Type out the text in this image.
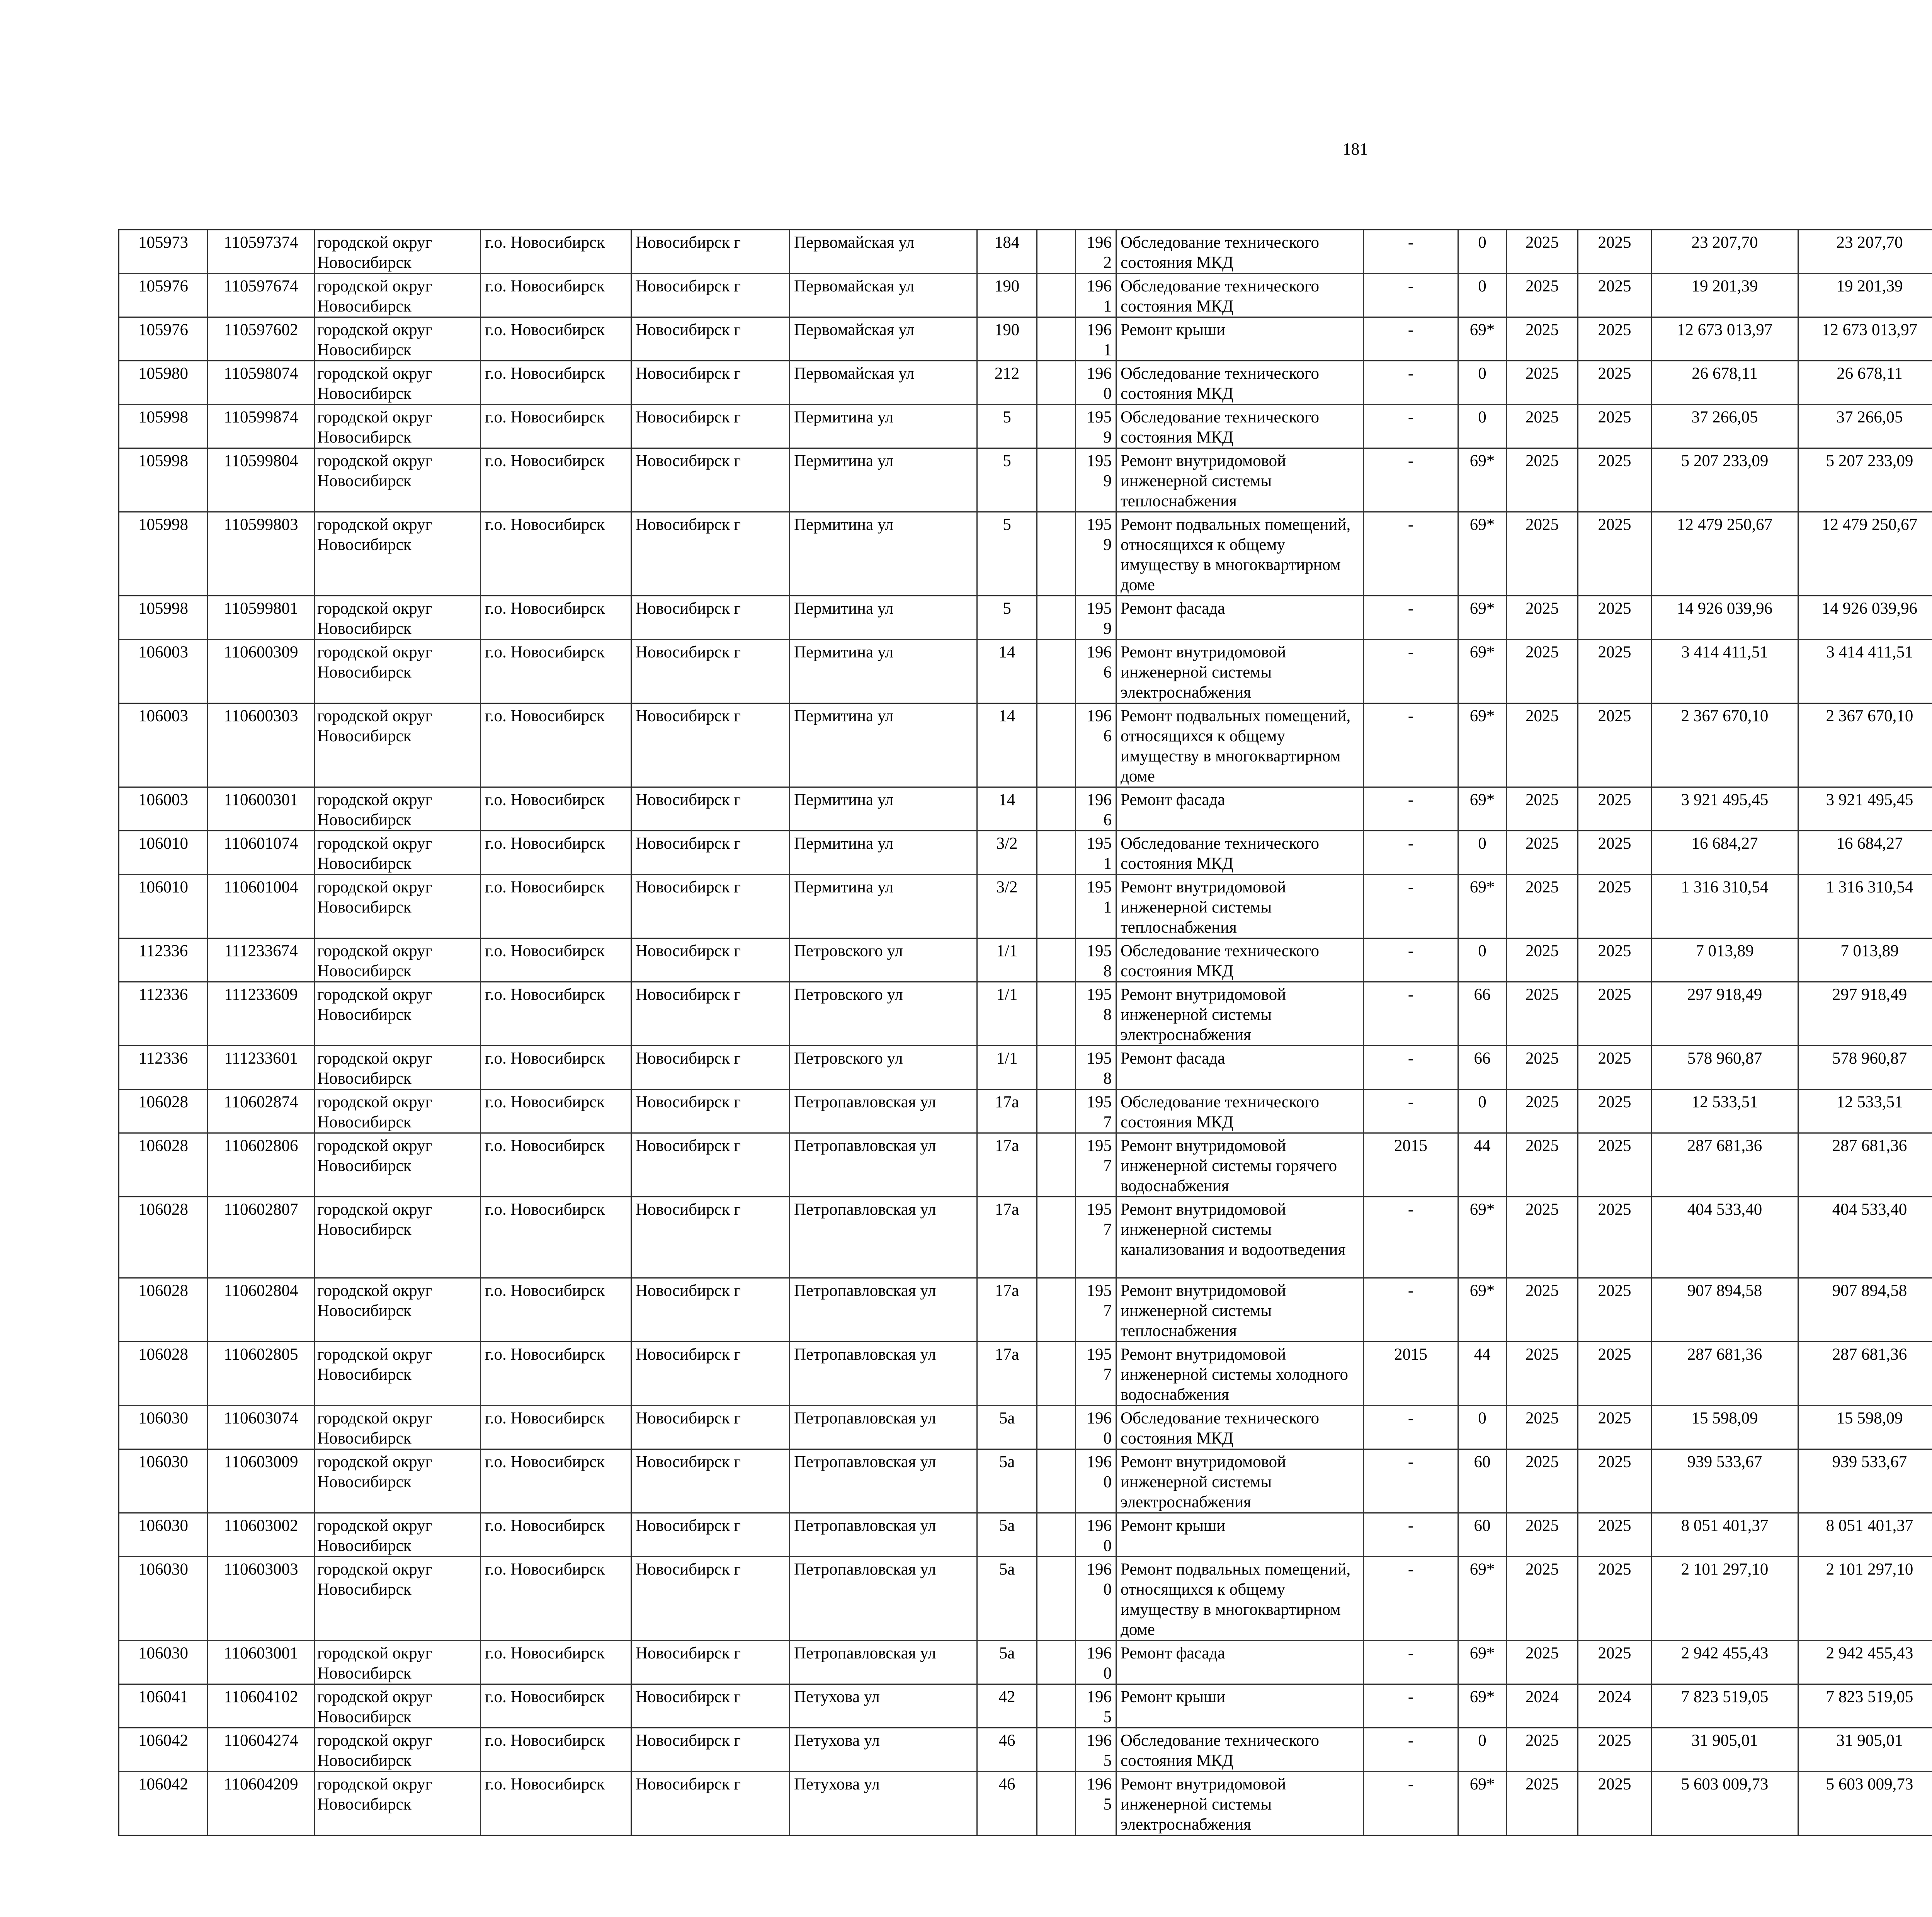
181
105973	110597374	городской округ Новосибирск	г.о. Новосибирск	Новосибирск г	Первомайская ул	184		1962	Обследование технического состояния МКД	-	0	2025	2025	23 207,70	23 207,70						
105976	110597674	городской округ Новосибирск	г.о. Новосибирск	Новосибирск г	Первомайская ул	190		1961	Обследование технического состояния МКД	-	0	2025	2025	19 201,39	19 201,39						
105976	110597602	городской округ Новосибирск	г.о. Новосибирск	Новосибирск г	Первомайская ул	190		1961	Ремонт крыши	-	69*	2025	2025	12 673 013,97	12 673 013,97						
105980	110598074	городской округ Новосибирск	г.о. Новосибирск	Новосибирск г	Первомайская ул	212		1960	Обследование технического состояния МКД	-	0	2025	2025	26 678,11	26 678,11						
105998	110599874	городской округ Новосибирск	г.о. Новосибирск	Новосибирск г	Пермитина ул	5		1959	Обследование технического состояния МКД	-	0	2025	2025	37 266,05	37 266,05						
105998	110599804	городской округ Новосибирск	г.о. Новосибирск	Новосибирск г	Пермитина ул	5		1959	Ремонт внутридомовой инженерной системы теплоснабжения	-	69*	2025	2025	5 207 233,09	5 207 233,09						
105998	110599803	городской округ Новосибирск	г.о. Новосибирск	Новосибирск г	Пермитина ул	5		1959	Ремонт подвальных помещений, относящихся к общему имуществу в многоквартирном доме	-	69*	2025	2025	12 479 250,67	12 479 250,67						
105998	110599801	городской округ Новосибирск	г.о. Новосибирск	Новосибирск г	Пермитина ул	5		1959	Ремонт фасада	-	69*	2025	2025	14 926 039,96	14 926 039,96						
106003	110600309	городской округ Новосибирск	г.о. Новосибирск	Новосибирск г	Пермитина ул	14		1966	Ремонт внутридомовой инженерной системы электроснабжения	-	69*	2025	2025	3 414 411,51	3 414 411,51						
106003	110600303	городской округ Новосибирск	г.о. Новосибирск	Новосибирск г	Пермитина ул	14		1966	Ремонт подвальных помещений, относящихся к общему имуществу в многоквартирном доме	-	69*	2025	2025	2 367 670,10	2 367 670,10						
106003	110600301	городской округ Новосибирск	г.о. Новосибирск	Новосибирск г	Пермитина ул	14		1966	Ремонт фасада	-	69*	2025	2025	3 921 495,45	3 921 495,45						
106010	110601074	городской округ Новосибирск	г.о. Новосибирск	Новосибирск г	Пермитина ул	3/2		1951	Обследование технического состояния МКД	-	0	2025	2025	16 684,27	16 684,27						
106010	110601004	городской округ Новосибирск	г.о. Новосибирск	Новосибирск г	Пермитина ул	3/2		1951	Ремонт внутридомовой инженерной системы теплоснабжения	-	69*	2025	2025	1 316 310,54	1 316 310,54						
112336	111233674	городской округ Новосибирск	г.о. Новосибирск	Новосибирск г	Петровского ул	1/1		1958	Обследование технического состояния МКД	-	0	2025	2025	7 013,89	7 013,89						
112336	111233609	городской округ Новосибирск	г.о. Новосибирск	Новосибирск г	Петровского ул	1/1		1958	Ремонт внутридомовой инженерной системы электроснабжения	-	66	2025	2025	297 918,49	297 918,49						
112336	111233601	городской округ Новосибирск	г.о. Новосибирск	Новосибирск г	Петровского ул	1/1		1958	Ремонт фасада	-	66	2025	2025	578 960,87	578 960,87						
106028	110602874	городской округ Новосибирск	г.о. Новосибирск	Новосибирск г	Петропавловская ул	17а		1957	Обследование технического состояния МКД	-	0	2025	2025	12 533,51	12 533,51						
106028	110602806	городской округ Новосибирск	г.о. Новосибирск	Новосибирск г	Петропавловская ул	17а		1957	Ремонт внутридомовой инженерной системы горячего водоснабжения	2015	44	2025	2025	287 681,36	287 681,36						
106028	110602807	городской округ Новосибирск	г.о. Новосибирск	Новосибирск г	Петропавловская ул	17а		1957	Ремонт внутридомовой инженерной системы канализования и водоотведения	-	69*	2025	2025	404 533,40	404 533,40						
106028	110602804	городской округ Новосибирск	г.о. Новосибирск	Новосибирск г	Петропавловская ул	17а		1957	Ремонт внутридомовой инженерной системы теплоснабжения	-	69*	2025	2025	907 894,58	907 894,58						
106028	110602805	городской округ Новосибирск	г.о. Новосибирск	Новосибирск г	Петропавловская ул	17а		1957	Ремонт внутридомовой инженерной системы холодного водоснабжения	2015	44	2025	2025	287 681,36	287 681,36						
106030	110603074	городской округ Новосибирск	г.о. Новосибирск	Новосибирск г	Петропавловская ул	5а		1960	Обследование технического состояния МКД	-	0	2025	2025	15 598,09	15 598,09						
106030	110603009	городской округ Новосибирск	г.о. Новосибирск	Новосибирск г	Петропавловская ул	5а		1960	Ремонт внутридомовой инженерной системы электроснабжения	-	60	2025	2025	939 533,67	939 533,67						
106030	110603002	городской округ Новосибирск	г.о. Новосибирск	Новосибирск г	Петропавловская ул	5а		1960	Ремонт крыши	-	60	2025	2025	8 051 401,37	8 051 401,37						
106030	110603003	городской округ Новосибирск	г.о. Новосибирск	Новосибирск г	Петропавловская ул	5а		1960	Ремонт подвальных помещений, относящихся к общему имуществу в многоквартирном доме	-	69*	2025	2025	2 101 297,10	2 101 297,10						
106030	110603001	городской округ Новосибирск	г.о. Новосибирск	Новосибирск г	Петропавловская ул	5а		1960	Ремонт фасада	-	69*	2025	2025	2 942 455,43	2 942 455,43						
106041	110604102	городской округ Новосибирск	г.о. Новосибирск	Новосибирск г	Петухова ул	42		1965	Ремонт крыши	-	69*	2024	2024	7 823 519,05	7 823 519,05						
106042	110604274	городской округ Новосибирск	г.о. Новосибирск	Новосибирск г	Петухова ул	46		1965	Обследование технического состояния МКД	-	0	2025	2025	31 905,01	31 905,01						
106042	110604209	городской округ Новосибирск	г.о. Новосибирск	Новосибирск г	Петухова ул	46		1965	Ремонт внутридомовой инженерной системы электроснабжения	-	69*	2025	2025	5 603 009,73	5 603 009,73						
